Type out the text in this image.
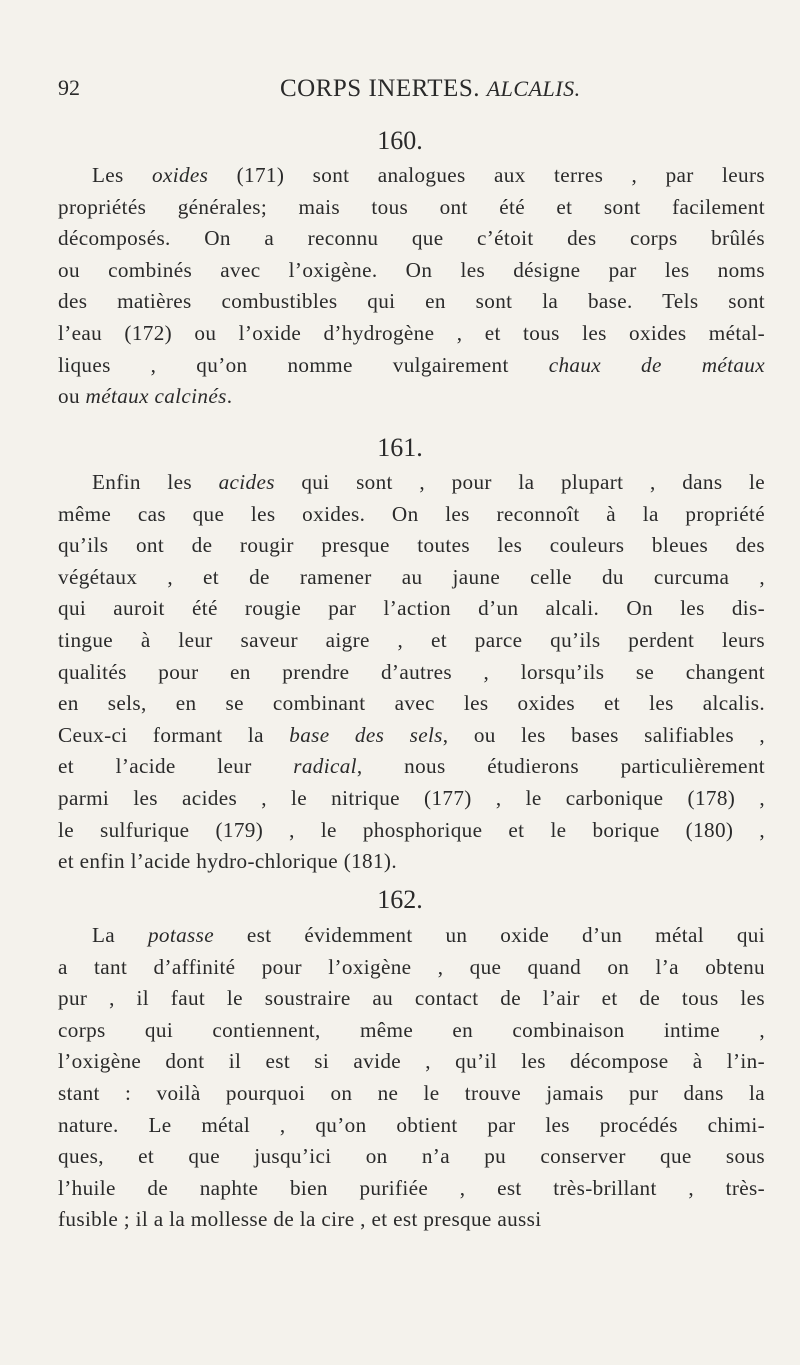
92	CORPS INERTES. ALCALIS.
160.
Les oxides (171) sont analogues aux terres , par leurs
propriétés générales; mais tous ont été et sont facilement
décomposés. On a reconnu que c’étoit des corps brûlés
ou combinés avec l’oxigène. On les désigne par les noms
des matières combustibles qui en sont la base. Tels sont
l’eau (172) ou l’oxide d’hydrogène , et tous les oxides métal-
liques , qu’on nomme vulgairement chaux de métaux
ou métaux calcinés.
161.
Enfin les acides qui sont , pour la plupart , dans le
même cas que les oxides. On les reconnoît à la propriété
qu’ils ont de rougir presque toutes les couleurs bleues des
végétaux , et de ramener au jaune celle du curcuma ,
qui auroit été rougie par l’action d’un alcali. On les dis-
tingue à leur saveur aigre , et parce qu’ils perdent leurs
qualités pour en prendre d’autres , lorsqu’ils se changent
en sels, en se combinant avec les oxides et les alcalis.
Ceux-ci formant la base des sels, ou les bases salifiables ,
et l’acide leur radical, nous étudierons particulièrement
parmi les acides , le nitrique (177) , le carbonique (178) ,
le sulfurique (179) , le phosphorique et le borique (180) ,
et enfin l’acide hydro-chlorique (181).
162.
La potasse est évidemment un oxide d’un métal qui
a tant d’affinité pour l’oxigène , que quand on l’a obtenu
pur , il faut le soustraire au contact de l’air et de tous les
corps qui contiennent, même en combinaison intime ,
l’oxigène dont il est si avide , qu’il les décompose à l’in-
stant : voilà pourquoi on ne le trouve jamais pur dans la
nature. Le métal , qu’on obtient par les procédés chimi-
ques, et que jusqu’ici on n’a pu conserver que sous
l’huile de naphte bien purifiée , est très-brillant , très-
fusible ; il a la mollesse de la cire , et est presque aussi
